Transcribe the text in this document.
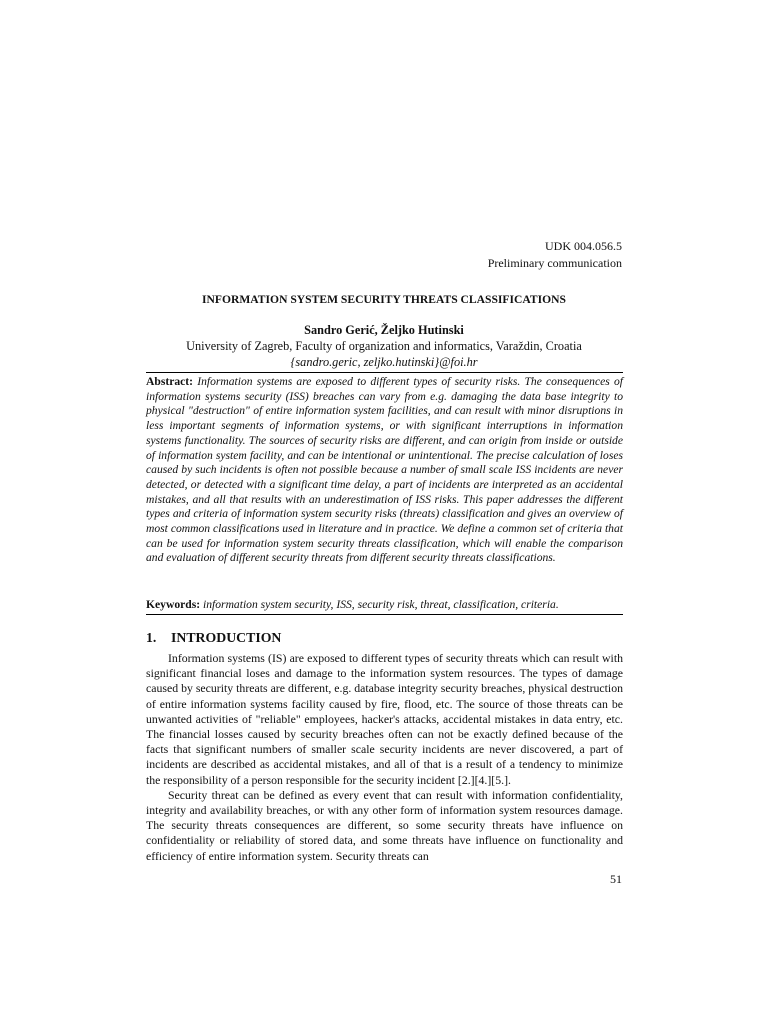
UDK 004.056.5
Preliminary communication
INFORMATION SYSTEM SECURITY THREATS CLASSIFICATIONS
Sandro Gerić, Željko Hutinski
University of Zagreb, Faculty of organization and informatics, Varaždin, Croatia
{sandro.geric, zeljko.hutinski}@foi.hr
Abstract: Information systems are exposed to different types of security risks. The consequences of information systems security (ISS) breaches can vary from e.g. damaging the data base integrity to physical "destruction" of entire information system facilities, and can result with minor disruptions in less important segments of information systems, or with significant interruptions in information systems functionality. The sources of security risks are different, and can origin from inside or outside of information system facility, and can be intentional or unintentional. The precise calculation of loses caused by such incidents is often not possible because a number of small scale ISS incidents are never detected, or detected with a significant time delay, a part of incidents are interpreted as an accidental mistakes, and all that results with an underestimation of ISS risks. This paper addresses the different types and criteria of information system security risks (threats) classification and gives an overview of most common classifications used in literature and in practice. We define a common set of criteria that can be used for information system security threats classification, which will enable the comparison and evaluation of different security threats from different security threats classifications.
Keywords: information system security, ISS, security risk, threat, classification, criteria.
1. INTRODUCTION

Information systems (IS) are exposed to different types of security threats which can result with significant financial loses and damage to the information system resources. The types of damage caused by security threats are different, e.g. database integrity security breaches, physical destruction of entire information systems facility caused by fire, flood, etc. The source of those threats can be unwanted activities of "reliable" employees, hacker's attacks, accidental mistakes in data entry, etc. The financial losses caused by security breaches often can not be exactly defined because of the facts that significant numbers of smaller scale security incidents are never discovered, a part of incidents are described as accidental mistakes, and all of that is a result of a tendency to minimize the responsibility of a person responsible for the security incident [2.][4.][5.].

Security threat can be defined as every event that can result with information confidentiality, integrity and availability breaches, or with any other form of information system resources damage. The security threats consequences are different, so some security threats have influence on confidentiality or reliability of stored data, and some threats have influence on functionality and efficiency of entire information system. Security threats can

51
